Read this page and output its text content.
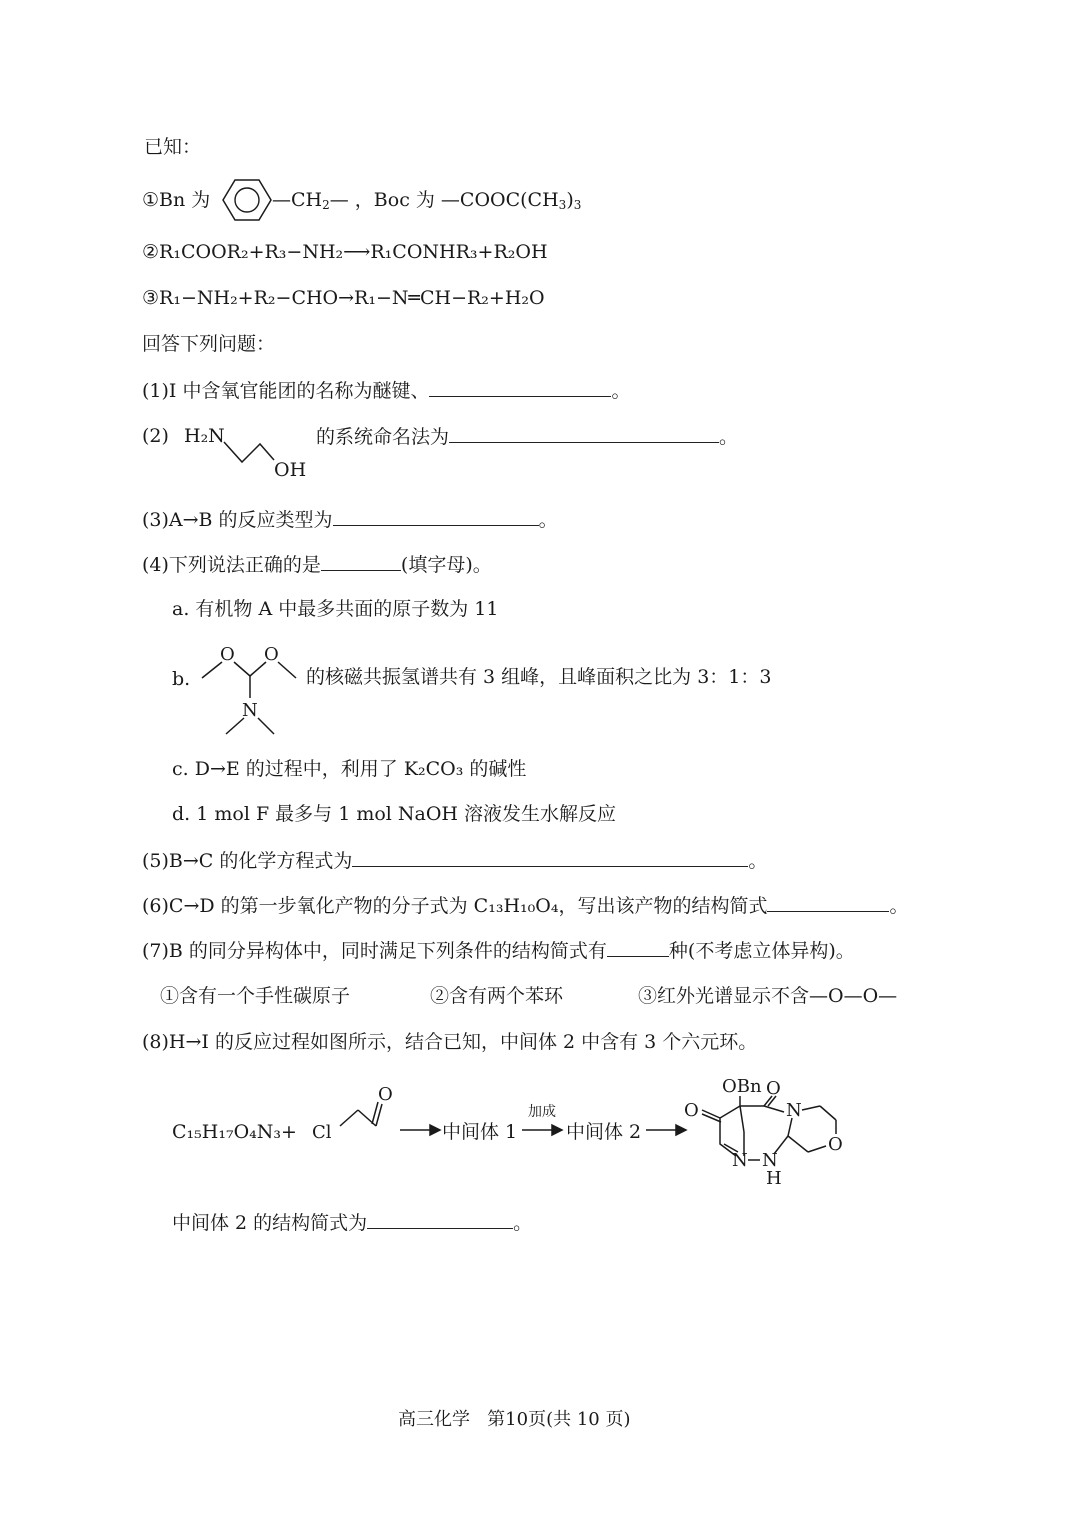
已知：
①Bn 为	$—CH_2—$ ，Boc 为 $—COOC(CH_3)_3$
②R₁COOR₂+R₃−NH₂⟶R₁CONHR₃+R₂OH
③R₁−NH₂+R₂−CHO→R₁−N═CH−R₂+H₂O
回答下列问题：
(1)I 中含氧官能团的名称为醚键、	。
(2) H₂N
OH
的系统命名法为	。
(3)A→B 的反应类型为	。
(4)下列说法正确的是	(填字母)。
a. 有机物 A 中最多共面的原子数为 11
b.
O O
N
的核磁共振氢谱共有 3 组峰，且峰面积之比为 3：1：3
c. D→E 的过程中，利用了 K₂CO₃ 的碱性
d. 1 mol F 最多与 1 mol NaOH 溶液发生水解反应
(5)B→C 的化学方程式为	。
(6)C→D 的第一步氧化产物的分子式为 C₁₃H₁₀O₄，写出该产物的结构简式	。
(7)B 的同分异构体中，同时满足下列条件的结构简式有	种(不考虑立体异构)。
①含有一个手性碳原子	②含有两个苯环	③红外光谱显示不含—O—O—
(8)H→I 的反应过程如图所示，结合已知，中间体 2 中含有 3 个六元环。
C₁₅H₁₇O₄N₃+ Cl
O
中间体 1
加成
→ 中间体 2 →
OBn O
O
N N
H
N
O
中间体 2 的结构简式为	。
高三化学   第10页(共 10 页)
